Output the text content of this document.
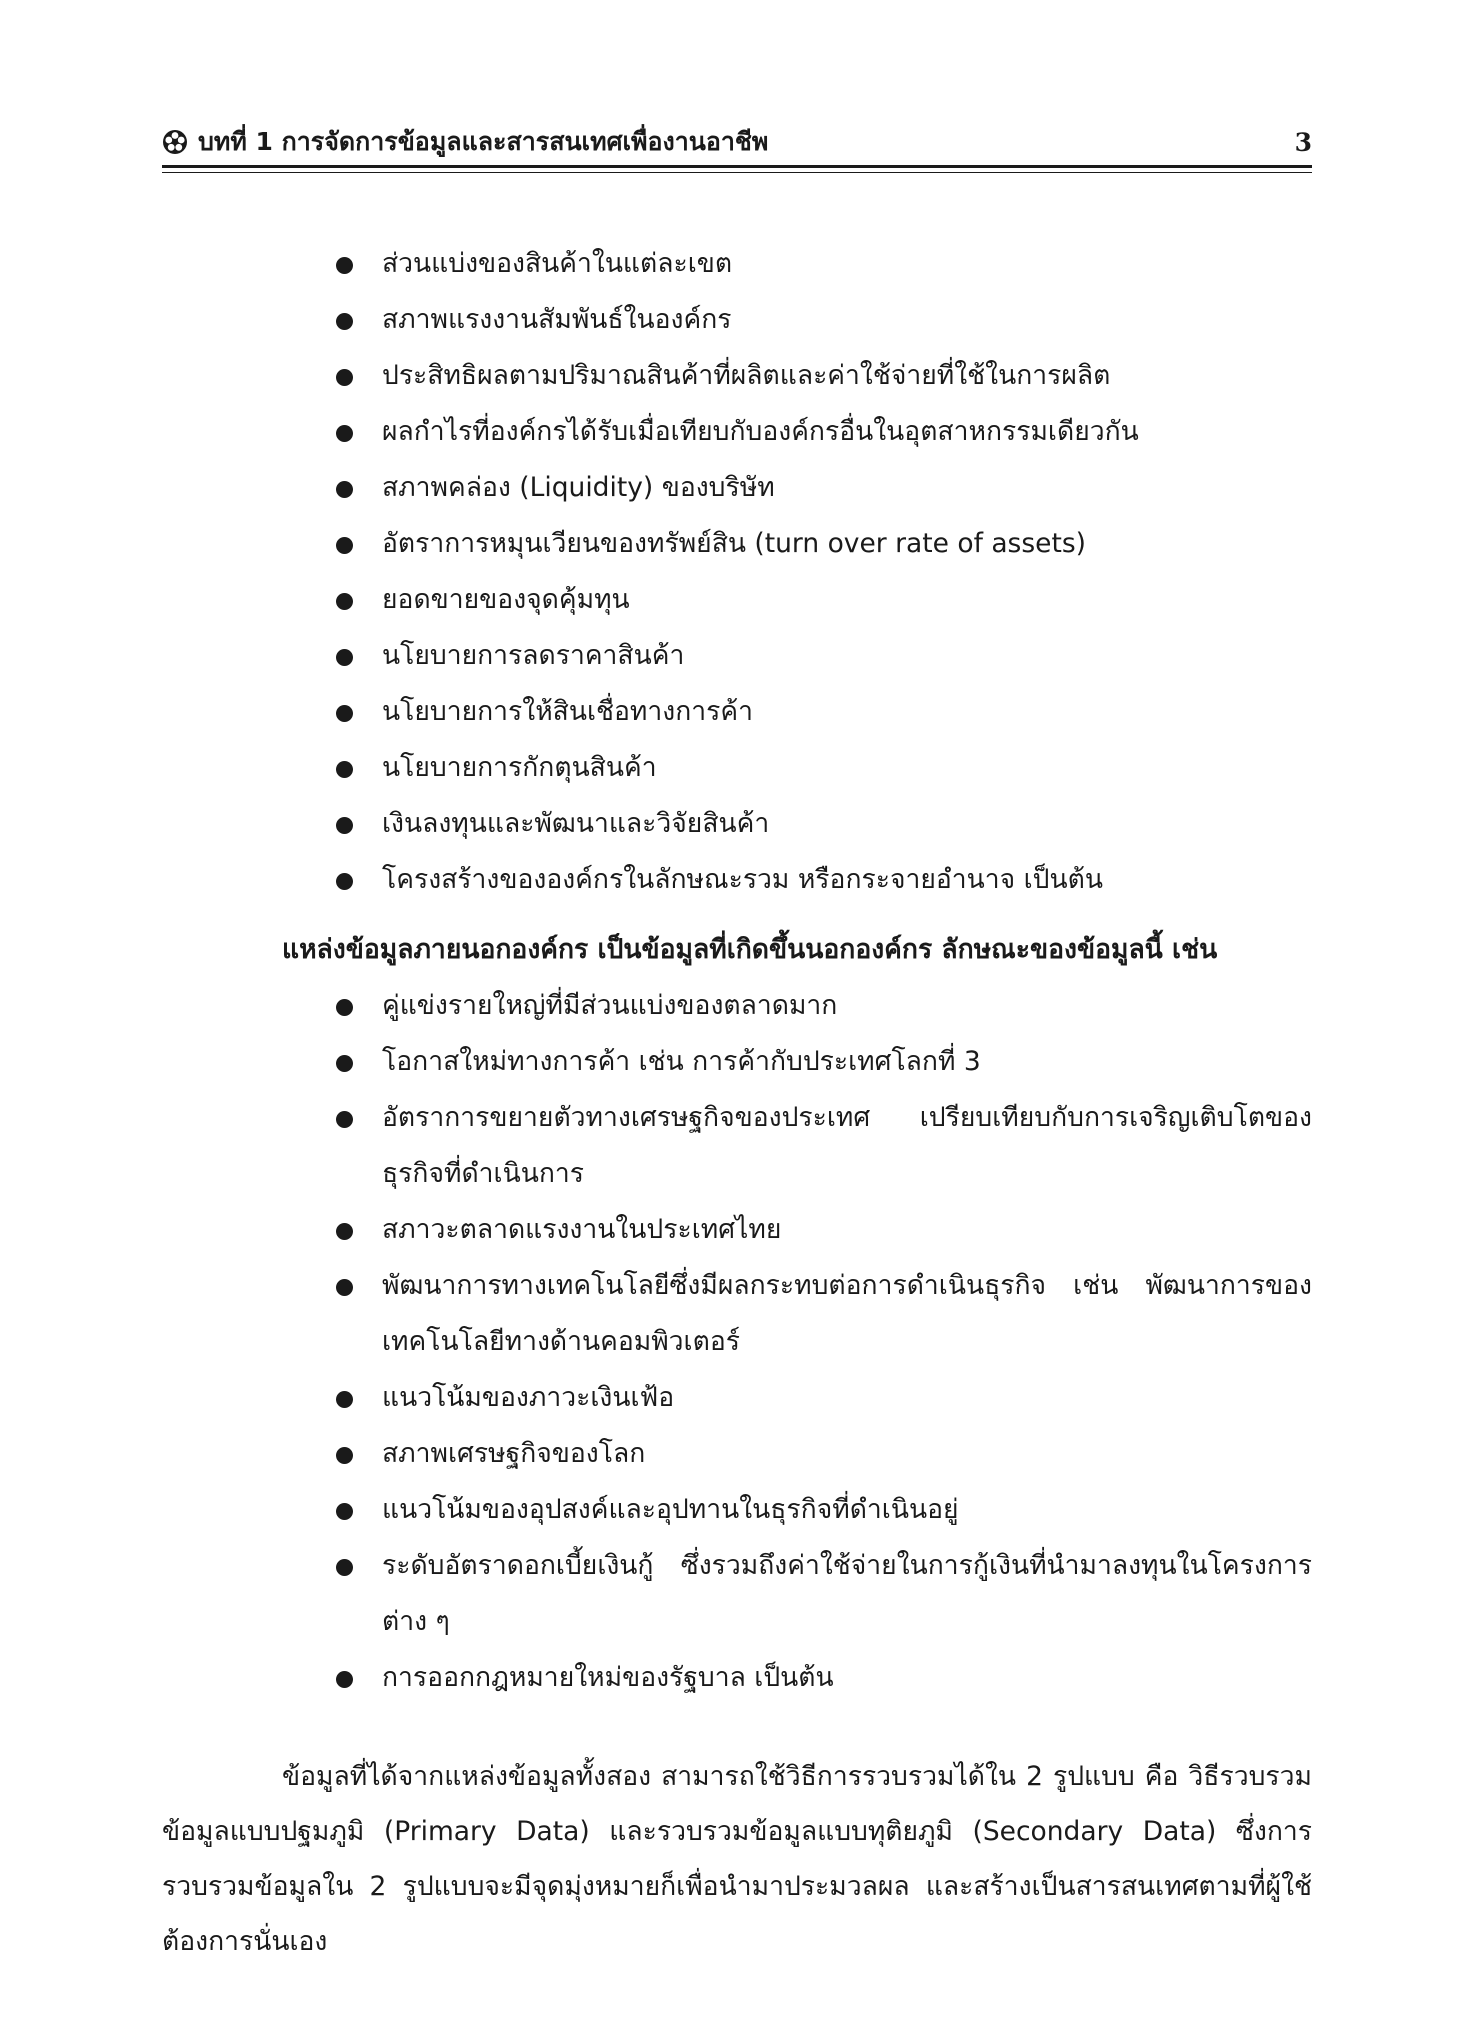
บทที่ 1 การจัดการข้อมูลและสารสนเทศเพื่องานอาชีพ	3
ส่วนแบ่งของสินค้าในแต่ละเขต
สภาพแรงงานสัมพันธ์ในองค์กร
ประสิทธิผลตามปริมาณสินค้าที่ผลิตและค่าใช้จ่ายที่ใช้ในการผลิต
ผลกำไรที่องค์กรได้รับเมื่อเทียบกับองค์กรอื่นในอุตสาหกรรมเดียวกัน
สภาพคล่อง (Liquidity) ของบริษัท
อัตราการหมุนเวียนของทรัพย์สิน (turn over rate of assets)
ยอดขายของจุดคุ้มทุน
นโยบายการลดราคาสินค้า
นโยบายการให้สินเชื่อทางการค้า
นโยบายการกักตุนสินค้า
เงินลงทุนและพัฒนาและวิจัยสินค้า
โครงสร้างขององค์กรในลักษณะรวม หรือกระจายอำนาจ เป็นต้น
แหล่งข้อมูลภายนอกองค์กร เป็นข้อมูลที่เกิดขึ้นนอกองค์กร ลักษณะของข้อมูลนี้ เช่น
คู่แข่งรายใหญ่ที่มีส่วนแบ่งของตลาดมาก
โอกาสใหม่ทางการค้า เช่น การค้ากับประเทศโลกที่ 3
อัตราการขยายตัวทางเศรษฐกิจของประเทศ เปรียบเทียบกับการเจริญเติบโตของธุรกิจที่ดำเนินการ
สภาวะตลาดแรงงานในประเทศไทย
พัฒนาการทางเทคโนโลยีซึ่งมีผลกระทบต่อการดำเนินธุรกิจ เช่น พัฒนาการของเทคโนโลยีทางด้านคอมพิวเตอร์
แนวโน้มของภาวะเงินเฟ้อ
สภาพเศรษฐกิจของโลก
แนวโน้มของอุปสงค์และอุปทานในธุรกิจที่ดำเนินอยู่
ระดับอัตราดอกเบี้ยเงินกู้ ซึ่งรวมถึงค่าใช้จ่ายในการกู้เงินที่นำมาลงทุนในโครงการต่าง ๆ
การออกกฎหมายใหม่ของรัฐบาล เป็นต้น

ข้อมูลที่ได้จากแหล่งข้อมูลทั้งสอง สามารถใช้วิธีการรวบรวมได้ใน 2 รูปแบบ คือ วิธีรวบรวมข้อมูลแบบปฐมภูมิ (Primary Data) และรวบรวมข้อมูลแบบทุติยภูมิ (Secondary Data) ซึ่งการรวบรวมข้อมูลใน 2 รูปแบบจะมีจุดมุ่งหมายก็เพื่อนำมาประมวลผล และสร้างเป็นสารสนเทศตามที่ผู้ใช้ต้องการนั่นเอง
